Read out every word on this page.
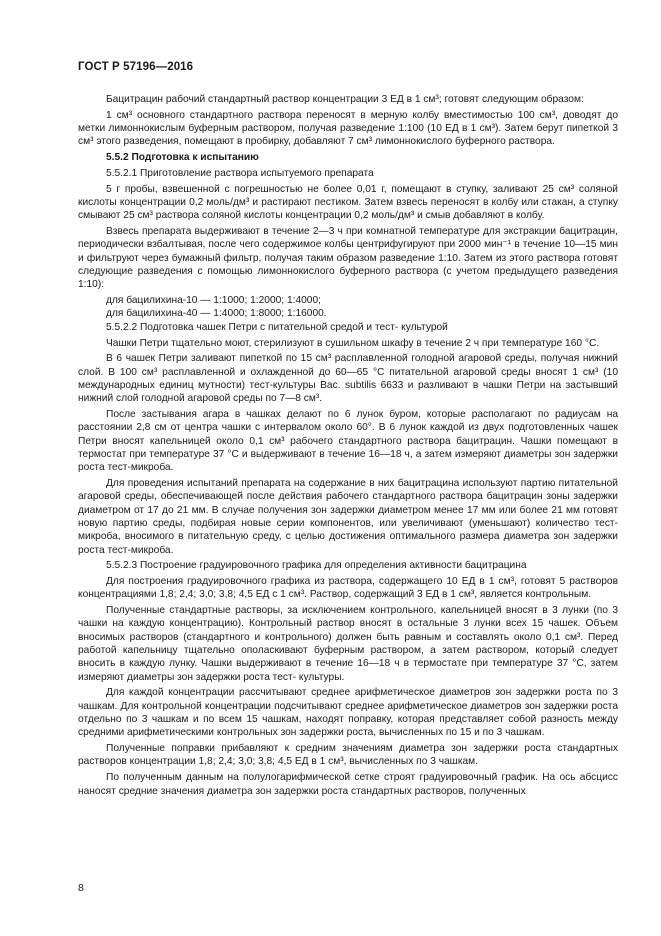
ГОСТ Р 57196—2016

Бацитрацин рабочий стандартный раствор концентрации 3 ЕД в 1 см³; готовят следующим образом:

1 см³ основного стандартного раствора переносят в мерную колбу вместимостью 100 см³, доводят до метки лимоннокислым буферным раствором, получая разведение 1:100 (10 ЕД в 1 см³). Затем берут пипеткой 3 см³ этого разведения, помещают в пробирку, добавляют 7 см³ лимоннокислого буферного раствора.

5.5.2 Подготовка к испытанию

5.5.2.1 Приготовление раствора испытуемого препарата

5 г пробы, взвешенной с погрешностью не более 0,01 г, помещают в ступку, заливают 25 см³ соляной кислоты концентрации 0,2 моль/дм³ и растирают пестиком. Затем взвесь переносят в колбу или стакан, а ступку смывают 25 см³ раствора соляной кислоты концентрации 0,2 моль/дм³ и смыв добавляют в колбу.

Взвесь препарата выдерживают в течение 2—3 ч при комнатной температуре для экстракции бацитрацин, периодически взбалтывая, после чего содержимое колбы центрифугируют при 2000 мин⁻¹ в течение 10—15 мин и фильтруют через бумажный фильтр, получая таким образом разведение 1:10. Затем из этого раствора готовят следующие разведения с помощью лимоннокислого буферного раствора (с учетом предыдущего разведения 1:10):

для бацилихина-10 — 1:1000; 1:2000; 1:4000;

для бацилихина-40 — 1:4000; 1:8000; 1:16000.

5.5.2.2 Подготовка чашек Петри с питательной средой и тест- культурой

Чашки Петри тщательно моют, стерилизуют в сушильном шкафу в течение 2 ч при температуре 160 °С.

В 6 чашек Петри заливают пипеткой по 15 см³ расплавленной голодной агаровой среды, получая нижний слой. В 100 см³ расплавленной и охлажденной до 60—65 °С питательной агаровой среды вносят 1 см³ (10 международных единиц мутности) тест-культуры Bac. subtilis 6633 и разливают в чашки Петри на застывший нижний слой голодной агаровой среды по 7—8 см³.

После застывания агара в чашках делают по 6 лунок буром, которые располагают по радиусам на расстоянии 2,8 см от центра чашки с интервалом около 60°. В 6 лунок каждой из двух подготовленных чашек Петри вносят капельницей около 0,1 см³ рабочего стандартного раствора бацитрацин. Чашки помещают в термостат при температуре 37 °С и выдерживают в течение 16—18 ч, а затем измеряют диаметры зон задержки роста тест-микроба.

Для проведения испытаний препарата на содержание в них бацитрацина используют партию питательной агаровой среды, обеспечивающей после действия рабочего стандартного раствора бацитрацин зоны задержки диаметром от 17 до 21 мм. В случае получения зон задержки диаметром менее 17 мм или более 21 мм готовят новую партию среды, подбирая новые серии компонентов, или увеличивают (уменьшают) количество тест-микроба, вносимого в питательную среду, с целью достижения оптимального размера диаметра зон задержки роста тест-микроба.

5.5.2.3 Построение градуировочного графика для определения активности бацитрацина

Для построения градуировочного графика из раствора, содержащего 10 ЕД в 1 см³, готовят 5 растворов концентрациями 1,8; 2,4; 3,0; 3,8; 4,5 ЕД с 1 см³. Раствор, содержащий 3 ЕД в 1 см³, является контрольным.

Полученные стандартные растворы, за исключением контрольного, капельницей вносят в 3 лунки (по 3 чашки на каждую концентрацию). Контрольный раствор вносят в остальные 3 лунки всех 15 чашек. Объем вносимых растворов (стандартного и контрольного) должен быть равным и составлять около 0,1 см³. Перед работой капельницу тщательно ополаскивают буферным раствором, а затем раствором, который следует вносить в каждую лунку. Чашки выдерживают в течение 16—18 ч в термостате при температуре 37 °С, затем измеряют диаметры зон задержки роста тест- культуры.

Для каждой концентрации рассчитывают среднее арифметическое диаметров зон задержки роста по 3 чашкам. Для контрольной концентрации подсчитывают среднее арифметическое диаметров зон задержки роста отдельно по 3 чашкам и по всем 15 чашкам, находят поправку, которая представляет собой разность между средними арифметическими контрольных зон задержки роста, вычисленных по 15 и по 3 чашкам.

Полученные поправки прибавляют к средним значениям диаметра зон задержки роста стандартных растворов концентрации 1,8; 2,4; 3,0; 3,8; 4,5 ЕД в 1 см³, вычисленных по 3 чашкам.

По полученным данным на полулогарифмической сетке строят градуировочный график. На ось абсцисс наносят средние значения диаметра зон задержки роста стандартных растворов, полученных

8
